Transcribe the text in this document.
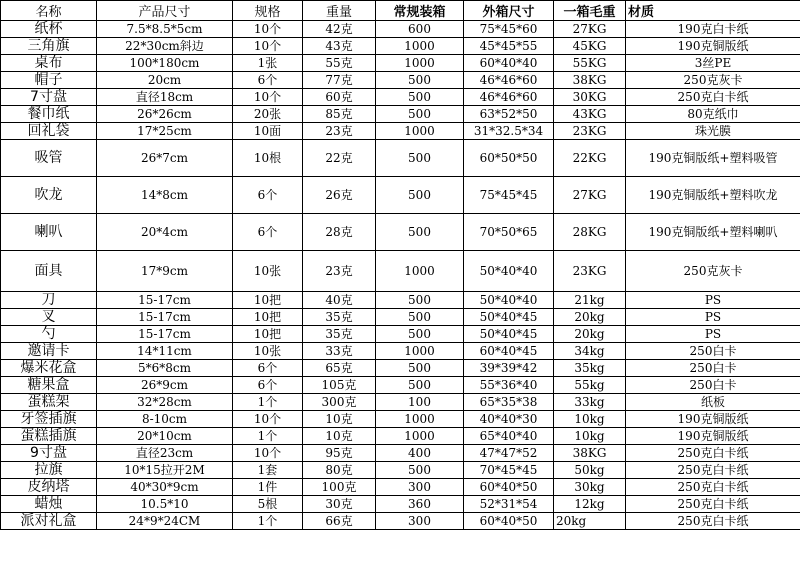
名称	产品尺寸	规格	重量	常规装箱	外箱尺寸	一箱毛重	材质
纸杯	7.5*8.5*5cm	10个	42克	600	75*45*60	27KG	190克白卡纸
三角旗	22*30cm斜边	10个	43克	1000	45*45*55	45KG	190克铜版纸
桌布	100*180cm	1张	55克	1000	60*40*40	55KG	3丝PE
帽子	20cm	6个	77克	500	46*46*60	38KG	250克灰卡
7寸盘	直径18cm	10个	60克	500	46*46*60	30KG	250克白卡纸
餐巾纸	26*26cm	20张	85克	500	63*52*50	43KG	80克纸巾
回礼袋	17*25cm	10面	23克	1000	31*32.5*34	23KG	珠光膜
吸管	26*7cm	10根	22克	500	60*50*50	22KG	190克铜版纸+塑料吸管
吹龙	14*8cm	6个	26克	500	75*45*45	27KG	190克铜版纸+塑料吹龙
喇叭	20*4cm	6个	28克	500	70*50*65	28KG	190克铜版纸+塑料喇叭
面具	17*9cm	10张	23克	1000	50*40*40	23KG	250克灰卡
刀	15-17cm	10把	40克	500	50*40*40	21kg	PS
叉	15-17cm	10把	35克	500	50*40*45	20kg	PS
勺	15-17cm	10把	35克	500	50*40*45	20kg	PS
邀请卡	14*11cm	10张	33克	1000	60*40*45	34kg	250白卡
爆米花盒	5*6*8cm	6个	65克	500	39*39*42	35kg	250白卡
糖果盒	26*9cm	6个	105克	500	55*36*40	55kg	250白卡
蛋糕架	32*28cm	1个	300克	100	65*35*38	33kg	纸板
牙签插旗	8-10cm	10个	10克	1000	40*40*30	10kg	190克铜版纸
蛋糕插旗	20*10cm	1个	10克	1000	65*40*40	10kg	190克铜版纸
9寸盘	直径23cm	10个	95克	400	47*47*52	38KG	250克白卡纸
拉旗	10*15拉开2M	1套	80克	500	70*45*45	50kg	250克白卡纸
皮纳塔	40*30*9cm	1件	100克	300	60*40*50	30kg	250克白卡纸
蜡烛	10.5*10	5根	30克	360	52*31*54	12kg	250克白卡纸
派对礼盒	24*9*24CM	1个	66克	300	60*40*50	20kg	250克白卡纸
